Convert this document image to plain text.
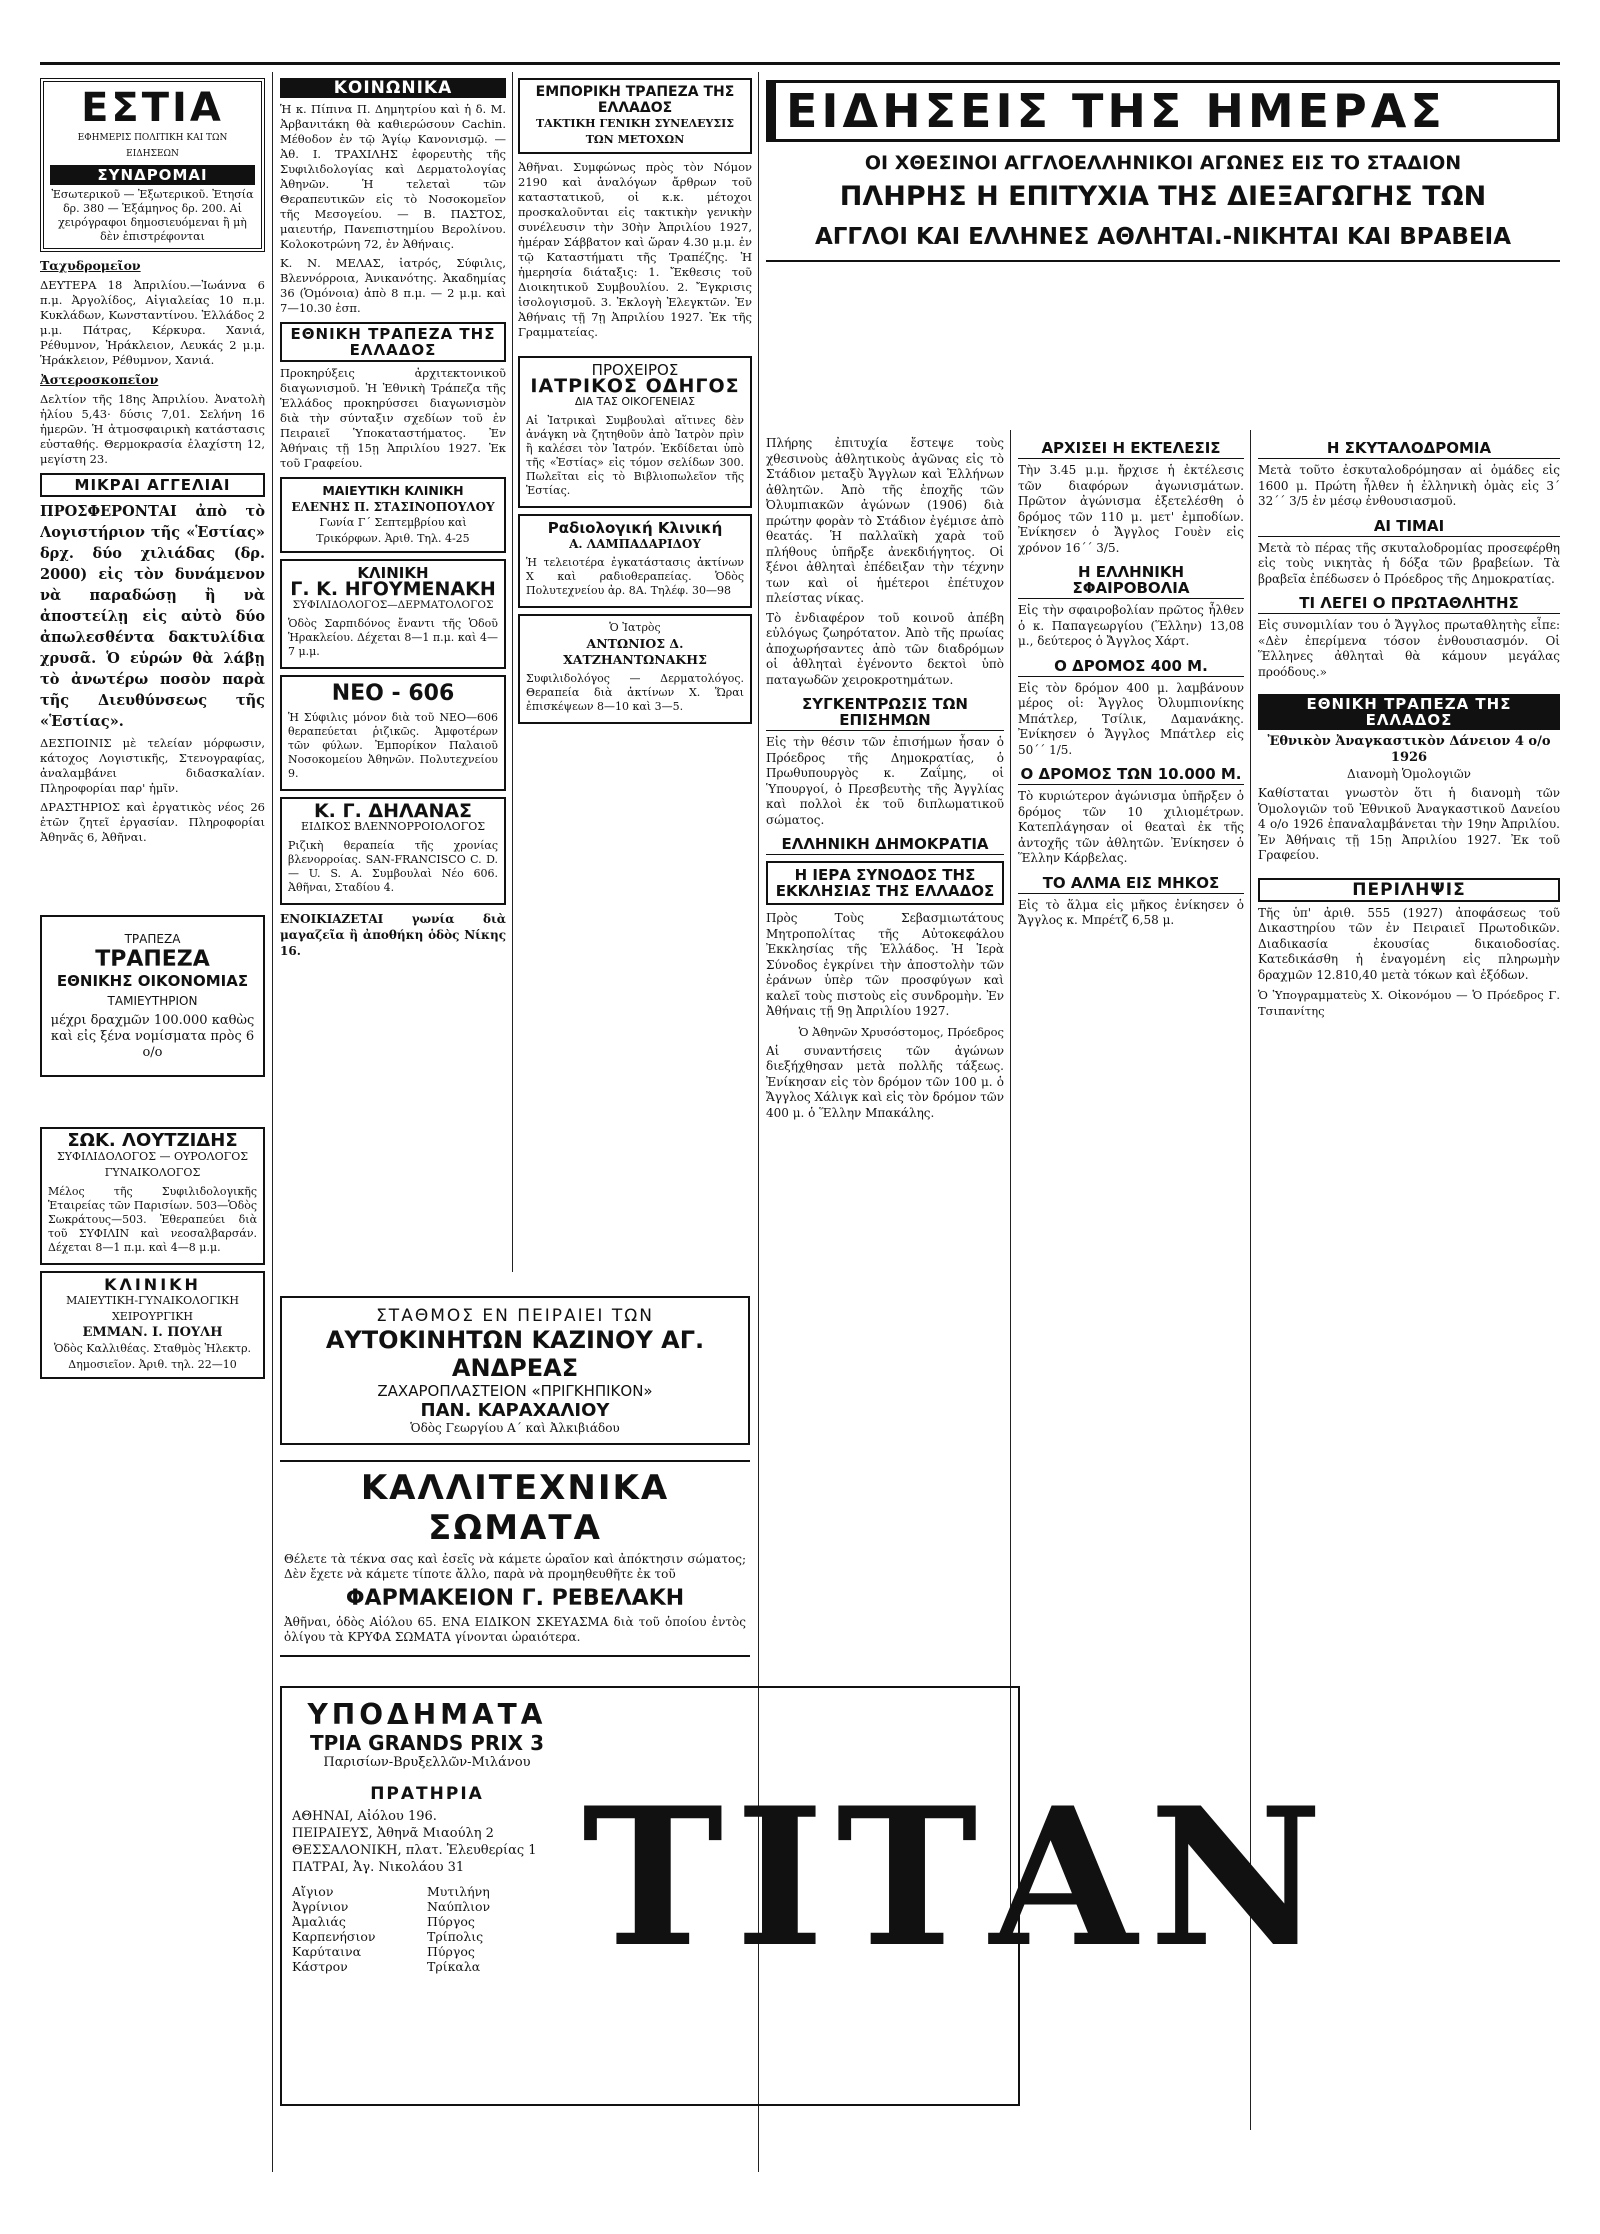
ΕΣΤΙΑ
ΕΦΗΜΕΡΙΣ ΠΟΛΙΤΙΚΗ ΚΑΙ ΤΩΝ ΕΙΔΗΣΕΩΝ
ΣΥΝΔΡΟΜΑΙ
Ἐσωτερικοῦ — Ἐξωτερικοῦ. Ἐτησία δρ. 380 — Ἑξάμηνος δρ. 200. Αἱ χειρόγραφοι δημοσιευόμεναι ἢ μὴ δὲν ἐπιστρέφονται
Ταχυδρομεῖον
ΔΕΥΤΕΡΑ 18 Ἀπριλίου.—Ἰωάννα 6 π.μ. Ἀργολίδος, Αἰγιαλείας 10 π.μ. Κυκλάδων, Κωνσταντίνου. Ἑλλάδος 2 μ.μ. Πάτρας, Κέρκυρα. Χανιά, Ρέθυμνον, Ἡράκλειον, Λευκάς 2 μ.μ. Ἡράκλειον, Ρέθυμνον, Χανιά.
Ἀστεροσκοπεῖον
Δελτίον τῆς 18ης Ἀπριλίου. Ἀνατολὴ ἡλίου 5,43· δύσις 7,01. Σελήνη 16 ἡμερῶν. Ἡ ἀτμοσφαιρικὴ κατάστασις εὐσταθής. Θερμοκρασία ἐλαχίστη 12, μεγίστη 23.
ΜΙΚΡΑΙ ΑΓΓΕΛΙΑΙ
ΠΡΟΣΦΕΡΟΝΤΑΙ ἀπὸ τὸ Λογιστήριον τῆς «Ἑστίας» δρχ. δύο χιλιάδας (δρ. 2000) εἰς τὸν δυνάμενον νὰ παραδώσῃ ἢ νὰ ἀποστείλῃ εἰς αὐτὸ δύο ἀπωλεσθέντα δακτυλίδια χρυσᾶ. Ὁ εὑρών θὰ λάβῃ τὸ ἀνωτέρω ποσὸν παρὰ τῆς Διευθύνσεως τῆς «Ἑστίας».
ΔΕΣΠΟΙΝΙΣ μὲ τελείαν μόρφωσιν, κάτοχος Λογιστικῆς, Στενογραφίας, ἀναλαμβάνει διδασκαλίαν. Πληροφορίαι παρ' ἡμῖν.
ΔΡΑΣΤΗΡΙΟΣ καὶ ἐργατικὸς νέος 26 ἐτῶν ζητεῖ ἐργασίαν. Πληροφορίαι Ἀθηνᾶς 6, Ἀθῆναι.
ΤΡΑΠΕΖΑ
ΤΡΑΠΕΖΑ
ΕΘΝΙΚΗΣ ΟΙΚΟΝΟΜΙΑΣ
ΤΑΜΙΕΥΤΗΡΙΟΝ
μέχρι δραχμῶν 100.000 καθὼς καὶ εἰς ξένα νομίσματα πρὸς 6 ο/ο
ΣΩΚ. ΛΟΥΤΖΙΔΗΣ
ΣΥΦΙΛΙΔΟΛΟΓΟΣ — ΟΥΡΟΛΟΓΟΣ ΓΥΝΑΙΚΟΛΟΓΟΣ
Μέλος τῆς Συφιλιδολογικῆς Ἑταιρείας τῶν Παρισίων. 503—Ὁδὸς Σωκράτους—503. Ἐθεραπεύει διὰ τοῦ ΣΥΦΙΛΙΝ καὶ νεοσαλβαρσάν. Δέχεται 8—1 π.μ. καὶ 4—8 μ.μ.
ΚΛΙΝΙΚΗ
ΜΑΙΕΥΤΙΚΗ-ΓΥΝΑΙΚΟΛΟΓΙΚΗ ΧΕΙΡΟΥΡΓΙΚΗ
ΕΜΜΑΝ. Ι. ΠΟΥΛΗ
Ὁδὸς Καλλιθέας. Σταθμὸς Ἠλεκτρ. Δημοσιεῖον. Ἀριθ. τηλ. 22—10
ΚΟΙΝΩΝΙΚΑ
Ἡ κ. Πίπινα Π. Δημητρίου καὶ ἡ δ. Μ. Ἀρβανιτάκη θὰ καθιερώσουν Cachin. Μέθοδον ἐν τῷ Ἁγίῳ Κανονισμῷ. — Ἀθ. Ι. ΤΡΑΧΙΛΗΣ ἐφορευτὴς τῆς Συφιλιδολογίας καὶ Δερματολογίας Ἀθηνῶν. Ἡ τελεταὶ τῶν Θεραπευτικῶν εἰς τὸ Νοσοκομεῖον τῆς Μεσογείου. — Β. ΠΑΣΤΟΣ, μαιευτήρ, Πανεπιστημίου Βερολίνου. Κολοκοτρώνη 72, ἐν Ἀθήναις.
Κ. Ν. ΜΕΛΑΣ, ἰατρός, Σύφιλις, Βλεννόρροια, Ἀνικανότης. Ἀκαδημίας 36 (Ὁμόνοια) ἀπὸ 8 π.μ. — 2 μ.μ. καὶ 7—10.30 ἑσπ.
ΕΘΝΙΚΗ ΤΡΑΠΕΖΑ ΤΗΣ ΕΛΛΑΔΟΣ
Προκηρύξεις ἀρχιτεκτονικοῦ διαγωνισμοῦ. Ἡ Ἐθνικὴ Τράπεζα τῆς Ἑλλάδος προκηρύσσει διαγωνισμὸν διὰ τὴν σύνταξιν σχεδίων τοῦ ἐν Πειραιεῖ Ὑποκαταστήματος. Ἐν Ἀθήναις τῇ 15ῃ Ἀπριλίου 1927. Ἐκ τοῦ Γραφείου.
ΜΑΙΕΥΤΙΚΗ ΚΛΙΝΙΚΗ
ΕΛΕΝΗΣ Π. ΣΤΑΣΙΝΟΠΟΥΛΟΥ
Γωνία Γ΄ Σεπτεμβρίου καὶ Τρικόρφων. Ἀριθ. Τηλ. 4-25
ΚΛΙΝΙΚΗ
Γ. Κ. ΗΓΟΥΜΕΝΑΚΗ
ΣΥΦΙΛΙΔΟΛΟΓΟΣ—ΔΕΡΜΑΤΟΛΟΓΟΣ
Ὁδὸς Σαρπιδόνος ἔναντι τῆς Ὁδοῦ Ἡρακλείου. Δέχεται 8—1 π.μ. καὶ 4—7 μ.μ.
ΝΕΟ - 606
Ἡ Σύφιλις μόνον διὰ τοῦ ΝΕΟ—606 θεραπεύεται ῥιζικῶς. Ἀμφοτέρων τῶν φύλων. Ἐμπορίκον Παλαιοῦ Νοσοκομείου Ἀθηνῶν. Πολυτεχνείου 9.
Κ. Γ. ΔΗΛΑΝΑΣ
ΕΙΔΙΚΟΣ ΒΛΕΝΝΟΡΡΟΙΟΛΟΓΟΣ
Ριζικὴ θεραπεία τῆς χρονίας βλενορροίας. SAN-FRANCISCO C. D. — U. S. A. Συμβουλαὶ Νέο 606. Ἀθῆναι, Σταδίου 4.
ΕΝΟΙΚΙΑΖΕΤΑΙ γωνία διὰ μαγαζεῖα ἢ ἀποθήκη ὁδὸς Νίκης 16.
ΕΜΠΟΡΙΚΗ ΤΡΑΠΕΖΑ ΤΗΣ ΕΛΛΑΔΟΣ
ΤΑΚΤΙΚΗ ΓΕΝΙΚΗ ΣΥΝΕΛΕΥΣΙΣ ΤΩΝ ΜΕΤΟΧΩΝ
Ἀθῆναι. Συμφώνως πρὸς τὸν Νόμον 2190 καὶ ἀναλόγων ἄρθρων τοῦ καταστατικοῦ, οἱ κ.κ. μέτοχοι προσκαλοῦνται εἰς τακτικὴν γενικὴν συνέλευσιν τὴν 30ὴν Ἀπριλίου 1927, ἡμέραν Σάββατον καὶ ὥραν 4.30 μ.μ. ἐν τῷ Καταστήματι τῆς Τραπέζης. Ἡ ἡμερησία διάταξις: 1. Ἔκθεσις τοῦ Διοικητικοῦ Συμβουλίου. 2. Ἔγκρισις ἰσολογισμοῦ. 3. Ἐκλογὴ Ἐλεγκτῶν. Ἐν Ἀθήναις τῇ 7ῃ Ἀπριλίου 1927. Ἐκ τῆς Γραμματείας.
ΠΡΟΧΕΙΡΟΣ
ΙΑΤΡΙΚΟΣ ΟΔΗΓΟΣ
ΔΙΑ ΤΑΣ ΟΙΚΟΓΕΝΕΙΑΣ
Αἱ Ἰατρικαὶ Συμβουλαὶ αἵτινες δὲν ἀνάγκη νὰ ζητηθοῦν ἀπὸ Ἰατρὸν πρὶν ἢ καλέσει τὸν Ἰατρόν. Ἐκδίδεται ὑπὸ τῆς «Ἑστίας» εἰς τόμον σελίδων 300. Πωλεῖται εἰς τὸ Βιβλιοπωλεῖον τῆς Ἑστίας.
Ραδιολογική Κλινική
Α. ΛΑΜΠΑΔΑΡΙΔΟΥ
Ἡ τελειοτέρα ἐγκατάστασις ἀκτίνων Χ καὶ ραδιοθεραπείας. Ὁδὸς Πολυτεχνείου ἀρ. 8Α. Τηλέφ. 30—98
Ὁ Ἰατρὸς
ΑΝΤΩΝΙΟΣ Δ. ΧΑΤΖΗΑΝΤΩΝΑΚΗΣ
Συφιλιδολόγος — Δερματολόγος. Θεραπεία διὰ ἀκτίνων Χ. Ὥραι ἐπισκέψεων 8—10 καὶ 3—5.
ΕΙΔΗΣΕΙΣ ΤΗΣ ΗΜΕΡΑΣ
ΟΙ ΧΘΕΣΙΝΟΙ ΑΓΓΛΟΕΛΛΗΝΙΚΟΙ ΑΓΩΝΕΣ ΕΙΣ ΤΟ ΣΤΑΔΙΟΝ
ΠΛΗΡΗΣ Η ΕΠΙΤΥΧΙΑ ΤΗΣ ΔΙΕΞΑΓΩΓΗΣ ΤΩΝ
ΑΓΓΛΟΙ ΚΑΙ ΕΛΛΗΝΕΣ ΑΘΛΗΤΑΙ.-ΝΙΚΗΤΑΙ ΚΑΙ ΒΡΑΒΕΙΑ
Πλήρης ἐπιτυχία ἔστεψε τοὺς χθεσινοὺς ἀθλητικοὺς ἀγῶνας εἰς τὸ Στάδιον μεταξὺ Ἄγγλων καὶ Ἑλλήνων ἀθλητῶν. Ἀπὸ τῆς ἐποχῆς τῶν Ὀλυμπιακῶν ἀγώνων (1906) διὰ πρώτην φορὰν τὸ Στάδιον ἐγέμισε ἀπὸ θεατάς. Ἡ παλλαϊκὴ χαρὰ τοῦ πλήθους ὑπῆρξε ἀνεκδιήγητος. Οἱ ξένοι ἀθληταὶ ἐπέδειξαν τὴν τέχνην των καὶ οἱ ἡμέτεροι ἐπέτυχον πλείστας νίκας.
Τὸ ἐνδιαφέρον τοῦ κοινοῦ ἀπέβη εὐλόγως ζωηρότατον. Ἀπὸ τῆς πρωίας ἀποχωρήσαντες ἀπὸ τῶν διαδρόμων οἱ ἀθληταὶ ἐγένοντο δεκτοὶ ὑπὸ παταγωδῶν χειροκροτημάτων.
ΣΥΓΚΕΝΤΡΩΣΙΣ ΤΩΝ ΕΠΙΣΗΜΩΝ
Εἰς τὴν θέσιν τῶν ἐπισήμων ἦσαν ὁ Πρόεδρος τῆς Δημοκρατίας, ὁ Πρωθυπουργὸς κ. Ζαΐμης, οἱ Ὑπουργοί, ὁ Πρεσβευτὴς τῆς Ἀγγλίας καὶ πολλοὶ ἐκ τοῦ διπλωματικοῦ σώματος.
ΕΛΛΗΝΙΚΗ ΔΗΜΟΚΡΑΤΙΑ
Η ΙΕΡΑ ΣΥΝΟΔΟΣ ΤΗΣ ΕΚΚΛΗΣΙΑΣ ΤΗΣ ΕΛΛΑΔΟΣ
Πρὸς Τοὺς Σεβασμιωτάτους Μητροπολίτας τῆς Αὐτοκεφάλου Ἐκκλησίας τῆς Ἑλλάδος. Ἡ Ἱερὰ Σύνοδος ἐγκρίνει τὴν ἀποστολὴν τῶν ἐράνων ὑπὲρ τῶν προσφύγων καὶ καλεῖ τοὺς πιστοὺς εἰς συνδρομὴν. Ἐν Ἀθήναις τῇ 9ῃ Ἀπριλίου 1927.
Ὁ Ἀθηνῶν Χρυσόστομος, Πρόεδρος
Αἱ συναντήσεις τῶν ἀγώνων διεξήχθησαν μετὰ πολλῆς τάξεως. Ἐνίκησαν εἰς τὸν δρόμον τῶν 100 μ. ὁ Ἄγγλος Χάλιγκ καὶ εἰς τὸν δρόμον τῶν 400 μ. ὁ Ἕλλην Μπακάλης.
ΑΡΧΙΣΕΙ Η ΕΚΤΕΛΕΣΙΣ
Τὴν 3.45 μ.μ. ἤρχισε ἡ ἐκτέλεσις τῶν διαφόρων ἀγωνισμάτων. Πρῶτον ἀγώνισμα ἐξετελέσθη ὁ δρόμος τῶν 110 μ. μετ' ἐμποδίων. Ἐνίκησεν ὁ Ἄγγλος Γουὲν εἰς χρόνον 16΄΄ 3/5.
Η ΕΛΛΗΝΙΚΗ ΣΦΑΙΡΟΒΟΛΙΑ
Εἰς τὴν σφαιροβολίαν πρῶτος ἦλθεν ὁ κ. Παπαγεωργίου (Ἕλλην) 13,08 μ., δεύτερος ὁ Ἄγγλος Χάρτ.
Ο ΔΡΟΜΟΣ 400 Μ.
Εἰς τὸν δρόμον 400 μ. λαμβάνουν μέρος οἱ: Ἄγγλος Ὀλυμπιονίκης Μπάτλερ, Τσίλικ, Δαμανάκης. Ἐνίκησεν ὁ Ἄγγλος Μπάτλερ εἰς 50΄΄ 1/5.
Ο ΔΡΟΜΟΣ ΤΩΝ 10.000 Μ.
Τὸ κυριώτερον ἀγώνισμα ὑπῆρξεν ὁ δρόμος τῶν 10 χιλιομέτρων. Κατεπλάγησαν οἱ θεαταὶ ἐκ τῆς ἀντοχῆς τῶν ἀθλητῶν. Ἐνίκησεν ὁ Ἕλλην Κάρβελας.
ΤΟ ΑΛΜΑ ΕΙΣ ΜΗΚΟΣ
Εἰς τὸ ἅλμα εἰς μῆκος ἐνίκησεν ὁ Ἄγγλος κ. Μπρέτζ 6,58 μ.
Η ΣΚΥΤΑΛΟΔΡΟΜΙΑ
Μετὰ τοῦτο ἐσκυταλοδρόμησαν αἱ ὁμάδες εἰς 1600 μ. Πρώτη ἦλθεν ἡ ἑλληνικὴ ὁμὰς εἰς 3΄ 32΄΄ 3/5 ἐν μέσῳ ἐνθουσιασμοῦ.
ΑΙ ΤΙΜΑΙ
Μετὰ τὸ πέρας τῆς σκυταλοδρομίας προσεφέρθη εἰς τοὺς νικητὰς ἡ δόξα τῶν βραβείων. Τὰ βραβεῖα ἐπέδωσεν ὁ Πρόεδρος τῆς Δημοκρατίας.
ΤΙ ΛΕΓΕΙ Ο ΠΡΩΤΑΘΛΗΤΗΣ
Εἰς συνομιλίαν του ὁ Ἄγγλος πρωταθλητὴς εἶπε: «Δὲν ἐπερίμενα τόσον ἐνθουσιασμόν. Οἱ Ἕλληνες ἀθληταὶ θὰ κάμουν μεγάλας προόδους.»
ΕΘΝΙΚΗ ΤΡΑΠΕΖΑ ΤΗΣ ΕΛΛΑΔΟΣ
Ἐθνικὸν Ἀναγκαστικὸν Δάνειον 4 ο/ο 1926
Διανομὴ Ὁμολογιῶν
Καθίσταται γνωστὸν ὅτι ἡ διανομὴ τῶν Ὁμολογιῶν τοῦ Ἐθνικοῦ Ἀναγκαστικοῦ Δανείου 4 ο/ο 1926 ἐπαναλαμβάνεται τὴν 19ην Ἀπριλίου. Ἐν Ἀθήναις τῇ 15ῃ Ἀπριλίου 1927. Ἐκ τοῦ Γραφείου.
ΠΕΡΙΛΗΨΙΣ
Τῆς ὑπ' ἀριθ. 555 (1927) ἀποφάσεως τοῦ Δικαστηρίου τῶν ἐν Πειραιεῖ Πρωτοδικῶν. Διαδικασία ἐκουσίας δικαιοδοσίας. Κατεδικάσθη ἡ ἐναγομένη εἰς πληρωμὴν δραχμῶν 12.810,40 μετὰ τόκων καὶ ἐξόδων.
Ὁ Ὑπογραμματεὺς Χ. Οἰκονόμου — Ὁ Πρόεδρος Γ. Τσιπανίτης
ΣΤΑΘΜΟΣ ΕΝ ΠΕΙΡΑΙΕΙ ΤΩΝ
ΑΥΤΟΚΙΝΗΤΩΝ ΚΑΖΙΝΟΥ ΑΓ. ΑΝΔΡΕΑΣ
ΖΑΧΑΡΟΠΛΑΣΤΕΙΟΝ «ΠΡΙΓΚΗΠΙΚΟΝ»
ΠΑΝ. ΚΑΡΑΧΑΛΙΟΥ
Ὁδὸς Γεωργίου Α΄ καὶ Ἀλκιβιάδου
ΚΑΛΛΙΤΕΧΝΙΚΑ ΣΩΜΑΤΑ
Θέλετε τὰ τέκνα σας καὶ ἐσεῖς νὰ κάμετε ὡραῖον καὶ ἀπόκτησιν σώματος; Δὲν ἔχετε νὰ κάμετε τίποτε ἄλλο, παρὰ νὰ προμηθευθῆτε ἐκ τοῦ
ΦΑΡΜΑΚΕΙΟΝ Γ. ΡΕΒΕΛΑΚΗ
Ἀθῆναι, ὁδὸς Αἰόλου 65. ΕΝΑ ΕΙΔΙΚΟΝ ΣΚΕΥΑΣΜΑ διὰ τοῦ ὁποίου ἐντὸς ὀλίγου τὰ ΚΡΥΦΑ ΣΩΜΑΤΑ γίνονται ὡραιότερα.
ΥΠΟΔΗΜΑΤΑ
ΤΡΙΑ GRANDS PRIX 3
Παρισίων-Βρυξελλῶν-Μιλάνου
ΠΡΑΤΗΡΙΑ
ΑΘΗΝΑΙ, Αἰόλου 196.
ΠΕΙΡΑΙΕΥΣ, Ἀθηνᾶ Μιαούλη 2
ΘΕΣΣΑΛΟΝΙΚΗ, πλατ. Ἐλευθερίας 1
ΠΑΤΡΑΙ, Ἀγ. Νικολάου 31
Αἴγιον	Μυτιλήνη
Ἀγρίνιον	Ναύπλιον
Ἀμαλιάς	Πύργος
Καρπενήσιον	Τρίπολις
Καρύταινα	Πύργος
Κάστρον	Τρίκαλα ΤΙΤΑΝ
